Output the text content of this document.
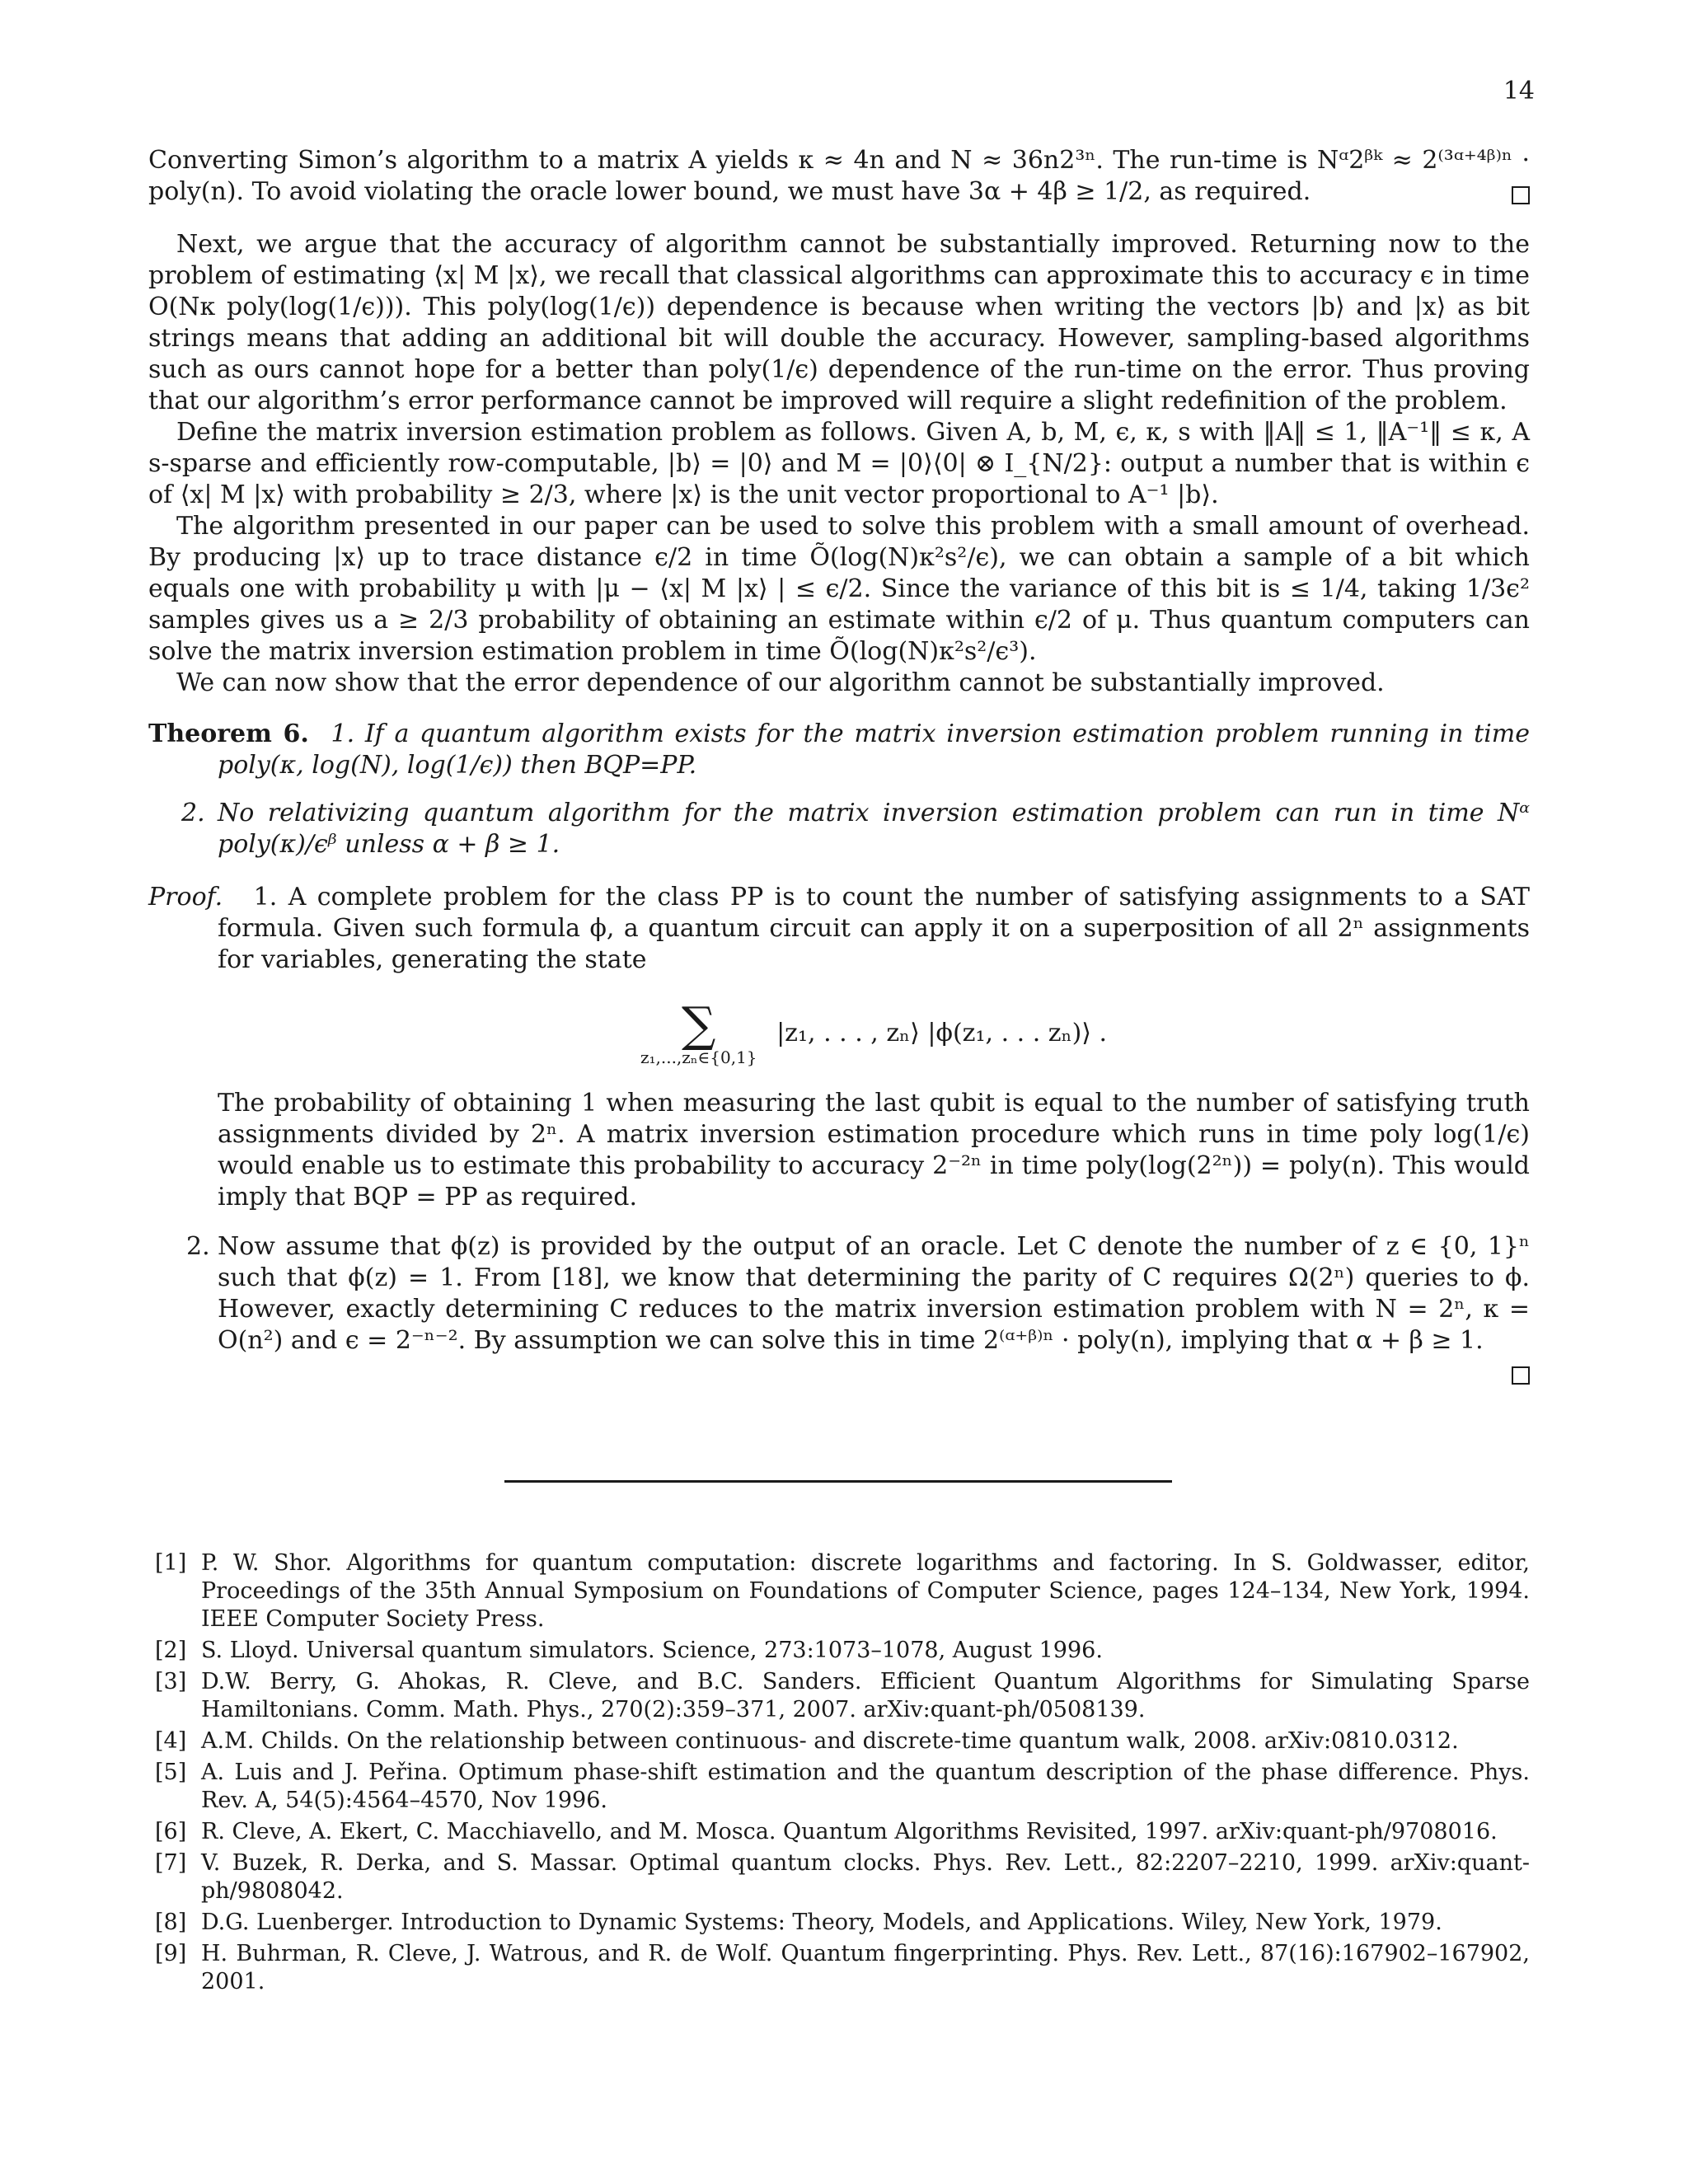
14

Converting Simon’s algorithm to a matrix A yields κ ≈ 4n and N ≈ 36n2³ⁿ. The run-time is Nᵅ2ᵝᵏ ≈ 2⁽³ᵅ⁺⁴ᵝ⁾ⁿ · poly(n). To avoid violating the oracle lower bound, we must have 3α + 4β ≥ 1/2, as required.

Next, we argue that the accuracy of algorithm cannot be substantially improved. Returning now to the problem of estimating ⟨x| M |x⟩, we recall that classical algorithms can approximate this to accuracy ϵ in time O(Nκ poly(log(1/ϵ))). This poly(log(1/ϵ)) dependence is because when writing the vectors |b⟩ and |x⟩ as bit strings means that adding an additional bit will double the accuracy. However, sampling-based algorithms such as ours cannot hope for a better than poly(1/ϵ) dependence of the run-time on the error. Thus proving that our algorithm’s error performance cannot be improved will require a slight redefinition of the problem.

Define the matrix inversion estimation problem as follows. Given A, b, M, ϵ, κ, s with ‖A‖ ≤ 1, ‖A⁻¹‖ ≤ κ, A s-sparse and efficiently row-computable, |b⟩ = |0⟩ and M = |0⟩⟨0| ⊗ I_{N/2}: output a number that is within ϵ of ⟨x| M |x⟩ with probability ≥ 2/3, where |x⟩ is the unit vector proportional to A⁻¹ |b⟩.

The algorithm presented in our paper can be used to solve this problem with a small amount of overhead. By producing |x⟩ up to trace distance ϵ/2 in time Õ(log(N)κ²s²/ϵ), we can obtain a sample of a bit which equals one with probability μ with |μ − ⟨x| M |x⟩ | ≤ ϵ/2. Since the variance of this bit is ≤ 1/4, taking 1/3ϵ² samples gives us a ≥ 2/3 probability of obtaining an estimate within ϵ/2 of μ. Thus quantum computers can solve the matrix inversion estimation problem in time Õ(log(N)κ²s²/ϵ³).

We can now show that the error dependence of our algorithm cannot be substantially improved.

Theorem 6. 1. If a quantum algorithm exists for the matrix inversion estimation problem running in time poly(κ, log(N), log(1/ϵ)) then BQP=PP.
2. No relativizing quantum algorithm for the matrix inversion estimation problem can run in time Nᵅ poly(κ)/ϵᵝ unless α + β ≥ 1.
Proof. 1. A complete problem for the class PP is to count the number of satisfying assignments to a SAT formula. Given such formula ϕ, a quantum circuit can apply it on a superposition of all 2ⁿ assignments for variables, generating the state
∑
z₁,...,zₙ∈{0,1}
|z₁, . . . , zₙ⟩ |ϕ(z₁, . . . zₙ)⟩ .
The probability of obtaining 1 when measuring the last qubit is equal to the number of satisfying truth assignments divided by 2ⁿ. A matrix inversion estimation procedure which runs in time poly log(1/ϵ) would enable us to estimate this probability to accuracy 2⁻²ⁿ in time poly(log(2²ⁿ)) = poly(n). This would imply that BQP = PP as required.
2. Now assume that ϕ(z) is provided by the output of an oracle. Let C denote the number of z ∈ {0, 1}ⁿ such that ϕ(z) = 1. From [18], we know that determining the parity of C requires Ω(2ⁿ) queries to ϕ. However, exactly determining C reduces to the matrix inversion estimation problem with N = 2ⁿ, κ = O(n²) and ϵ = 2⁻ⁿ⁻². By assumption we can solve this in time 2⁽ᵅ⁺ᵝ⁾ⁿ · poly(n), implying that α + β ≥ 1.
[1] P. W. Shor. Algorithms for quantum computation: discrete logarithms and factoring. In S. Goldwasser, editor, Proceedings of the 35th Annual Symposium on Foundations of Computer Science, pages 124–134, New York, 1994. IEEE Computer Society Press.
[2] S. Lloyd. Universal quantum simulators. Science, 273:1073–1078, August 1996.
[3] D.W. Berry, G. Ahokas, R. Cleve, and B.C. Sanders. Efficient Quantum Algorithms for Simulating Sparse Hamiltonians. Comm. Math. Phys., 270(2):359–371, 2007. arXiv:quant-ph/0508139.
[4] A.M. Childs. On the relationship between continuous- and discrete-time quantum walk, 2008. arXiv:0810.0312.
[5] A. Luis and J. Peřina. Optimum phase-shift estimation and the quantum description of the phase difference. Phys. Rev. A, 54(5):4564–4570, Nov 1996.
[6] R. Cleve, A. Ekert, C. Macchiavello, and M. Mosca. Quantum Algorithms Revisited, 1997. arXiv:quant-ph/9708016.
[7] V. Buzek, R. Derka, and S. Massar. Optimal quantum clocks. Phys. Rev. Lett., 82:2207–2210, 1999. arXiv:quant-ph/9808042.
[8] D.G. Luenberger. Introduction to Dynamic Systems: Theory, Models, and Applications. Wiley, New York, 1979.
[9] H. Buhrman, R. Cleve, J. Watrous, and R. de Wolf. Quantum fingerprinting. Phys. Rev. Lett., 87(16):167902–167902, 2001.
